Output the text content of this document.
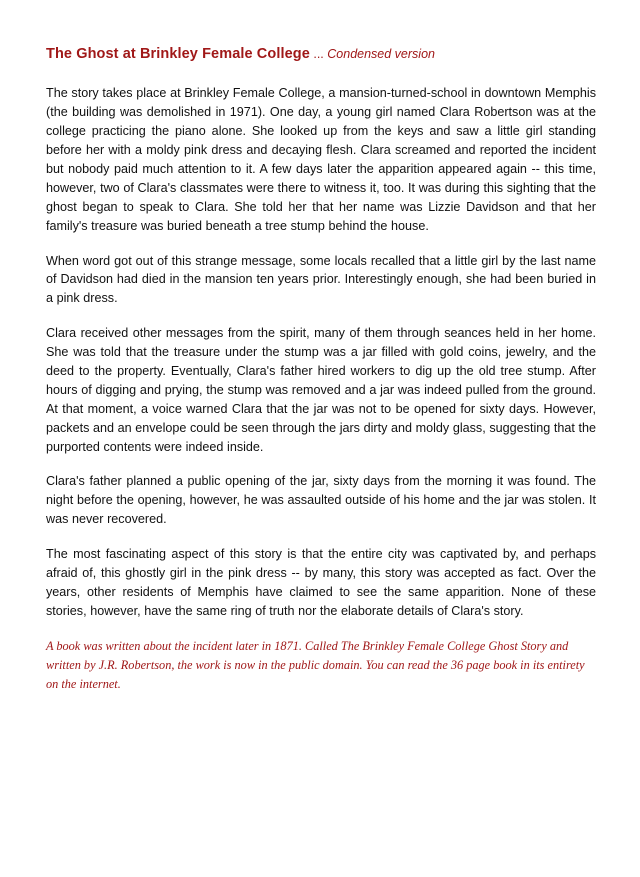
The Ghost at Brinkley Female College ... Condensed version

The story takes place at Brinkley Female College, a mansion-turned-school in downtown Memphis (the building was demolished in 1971). One day, a young girl named Clara Robertson was at the college practicing the piano alone. She looked up from the keys and saw a little girl standing before her with a moldy pink dress and decaying flesh. Clara screamed and reported the incident but nobody paid much attention to it. A few days later the apparition appeared again -- this time, however, two of Clara's classmates were there to witness it, too. It was during this sighting that the ghost began to speak to Clara. She told her that her name was Lizzie Davidson and that her family's treasure was buried beneath a tree stump behind the house.

When word got out of this strange message, some locals recalled that a little girl by the last name of Davidson had died in the mansion ten years prior. Interestingly enough, she had been buried in a pink dress.

Clara received other messages from the spirit, many of them through seances held in her home. She was told that the treasure under the stump was a jar filled with gold coins, jewelry, and the deed to the property. Eventually, Clara's father hired workers to dig up the old tree stump. After hours of digging and prying, the stump was removed and a jar was indeed pulled from the ground. At that moment, a voice warned Clara that the jar was not to be opened for sixty days. However, packets and an envelope could be seen through the jars dirty and moldy glass, suggesting that the purported contents were indeed inside.

Clara's father planned a public opening of the jar, sixty days from the morning it was found. The night before the opening, however, he was assaulted outside of his home and the jar was stolen. It was never recovered.

The most fascinating aspect of this story is that the entire city was captivated by, and perhaps afraid of, this ghostly girl in the pink dress -- by many, this story was accepted as fact. Over the years, other residents of Memphis have claimed to see the same apparition. None of these stories, however, have the same ring of truth nor the elaborate details of Clara's story.

A book was written about the incident later in 1871. Called The Brinkley Female College Ghost Story and written by J.R. Robertson, the work is now in the public domain. You can read the 36 page book in its entirety on the internet.
